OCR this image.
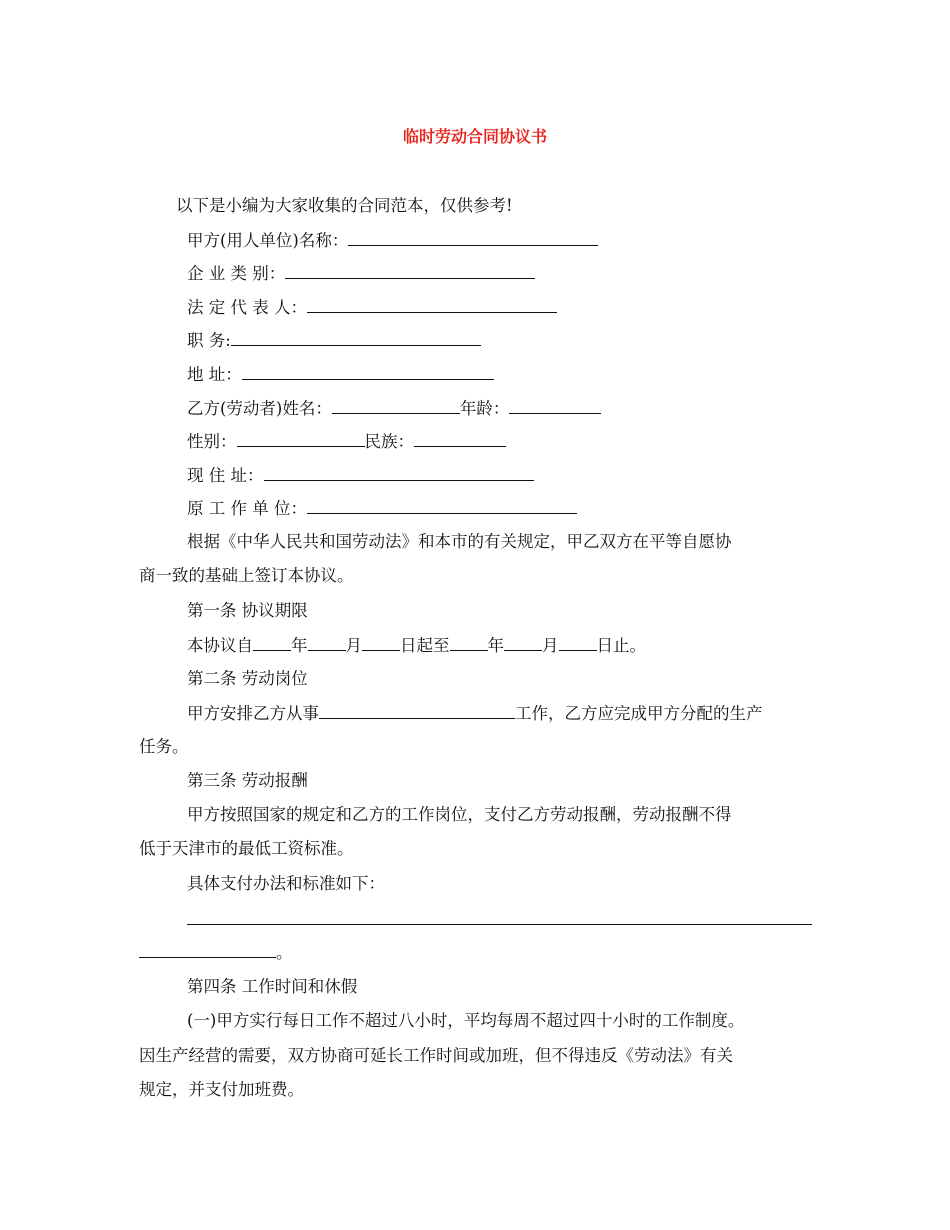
临时劳动合同协议书
以下是小编为大家收集的合同范本，仅供参考!
甲方(用人单位)名称：
企 业 类 别：
法 定 代 表 人：
职 务:
地 址：
乙方(劳动者)姓名：	年龄：
性别：	民族：
现 住 址：
原 工 作 单 位：
根据《中华人民共和国劳动法》和本市的有关规定，甲乙双方在平等自愿协
商一致的基础上签订本协议。
第一条 协议期限
本协议自 年 月 日起至 年 月 日止。
第二条 劳动岗位
甲方安排乙方从事	工作，乙方应完成甲方分配的生产
任务。
第三条 劳动报酬
甲方按照国家的规定和乙方的工作岗位，支付乙方劳动报酬，劳动报酬不得
低于天津市的最低工资标准。
具体支付办法和标准如下：
。
第四条 工作时间和休假
(一)甲方实行每日工作不超过八小时，平均每周不超过四十小时的工作制度。
因生产经营的需要，双方协商可延长工作时间或加班，但不得违反《劳动法》有关
规定，并支付加班费。
